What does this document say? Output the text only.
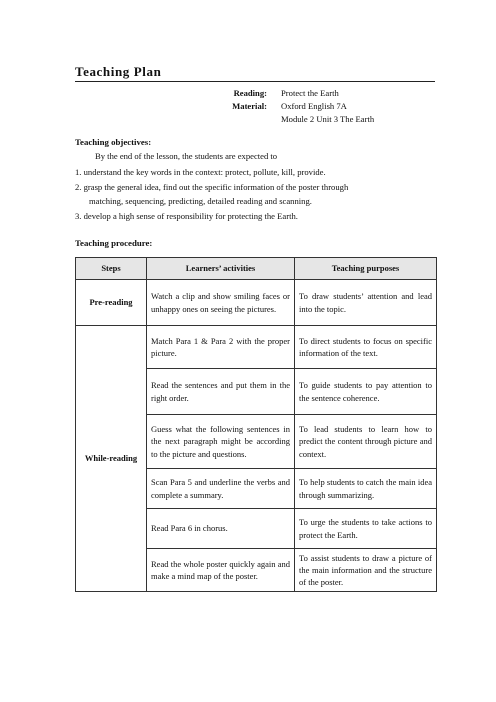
Teaching Plan
Reading:	Protect the Earth
Material:	Oxford English 7A
Module 2 Unit 3 The Earth
Teaching objectives:
By the end of the lesson, the students are expected to
1. understand the key words in the context: protect, pollute, kill, provide.
2. grasp the general idea, find out the specific information of the poster through
matching, sequencing, predicting, detailed reading and scanning.
3. develop a high sense of responsibility for protecting the Earth.
Teaching procedure:
Steps	Learners’ activities	Teaching purposes
Pre-reading	Watch a clip and show smiling faces or unhappy ones on seeing the pictures.	To draw students’ attention and lead into the topic.
While-reading	Match Para 1 & Para 2 with the proper picture.	To direct students to focus on specific information of the text.
	Read the sentences and put them in the right order.	To guide students to pay attention to the sentence coherence.
	Guess what the following sentences in the next paragraph might be according to the picture and questions.	To lead students to learn how to predict the content through picture and context.
	Scan Para 5 and underline the verbs and complete a summary.	To help students to catch the main idea through summarizing.
	Read Para 6 in chorus.	To urge the students to take actions to protect the Earth.
	Read the whole poster quickly again and make a mind map of the poster.	To assist students to draw a picture of the main information and the structure of the poster.
